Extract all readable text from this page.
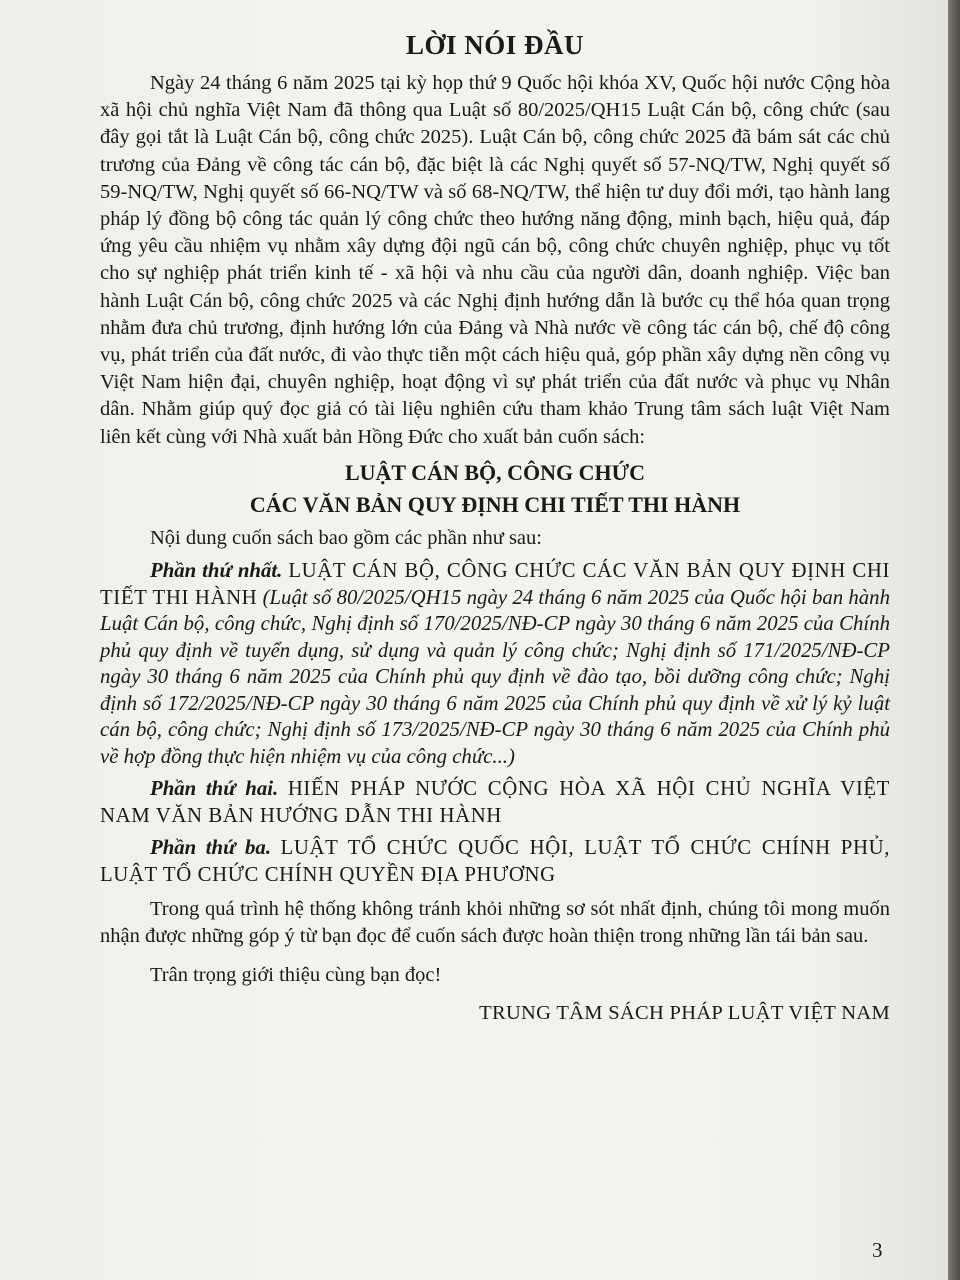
LỜI NÓI ĐẦU

Ngày 24 tháng 6 năm 2025 tại kỳ họp thứ 9 Quốc hội khóa XV, Quốc hội nước Cộng hòa xã hội chủ nghĩa Việt Nam đã thông qua Luật số 80/2025/QH15 Luật Cán bộ, công chức (sau đây gọi tắt là Luật Cán bộ, công chức 2025). Luật Cán bộ, công chức 2025 đã bám sát các chủ trương của Đảng về công tác cán bộ, đặc biệt là các Nghị quyết số 57-NQ/TW, Nghị quyết số 59-NQ/TW, Nghị quyết số 66-NQ/TW và số 68-NQ/TW, thể hiện tư duy đổi mới, tạo hành lang pháp lý đồng bộ công tác quản lý công chức theo hướng năng động, minh bạch, hiệu quả, đáp ứng yêu cầu nhiệm vụ nhằm xây dựng đội ngũ cán bộ, công chức chuyên nghiệp, phục vụ tốt cho sự nghiệp phát triển kinh tế - xã hội và nhu cầu của người dân, doanh nghiệp. Việc ban hành Luật Cán bộ, công chức 2025 và các Nghị định hướng dẫn là bước cụ thể hóa quan trọng nhằm đưa chủ trương, định hướng lớn của Đảng và Nhà nước về công tác cán bộ, chế độ công vụ, phát triển của đất nước, đi vào thực tiễn một cách hiệu quả, góp phần xây dựng nền công vụ Việt Nam hiện đại, chuyên nghiệp, hoạt động vì sự phát triển của đất nước và phục vụ Nhân dân. Nhằm giúp quý đọc giả có tài liệu nghiên cứu tham khảo Trung tâm sách luật Việt Nam liên kết cùng với Nhà xuất bản Hồng Đức cho xuất bản cuốn sách:

LUẬT CÁN BỘ, CÔNG CHỨC
CÁC VĂN BẢN QUY ĐỊNH CHI TIẾT THI HÀNH

Nội dung cuốn sách bao gồm các phần như sau:

Phần thứ nhất. LUẬT CÁN BỘ, CÔNG CHỨC CÁC VĂN BẢN QUY ĐỊNH CHI TIẾT THI HÀNH (Luật số 80/2025/QH15 ngày 24 tháng 6 năm 2025 của Quốc hội ban hành Luật Cán bộ, công chức, Nghị định số 170/2025/NĐ-CP ngày 30 tháng 6 năm 2025 của Chính phủ quy định về tuyển dụng, sử dụng và quản lý công chức; Nghị định số 171/2025/NĐ-CP ngày 30 tháng 6 năm 2025 của Chính phủ quy định về đào tạo, bồi dưỡng công chức; Nghị định số 172/2025/NĐ-CP ngày 30 tháng 6 năm 2025 của Chính phủ quy định về xử lý kỷ luật cán bộ, công chức; Nghị định số 173/2025/NĐ-CP ngày 30 tháng 6 năm 2025 của Chính phủ về hợp đồng thực hiện nhiệm vụ của công chức...)

Phần thứ hai. HIẾN PHÁP NƯỚC CỘNG HÒA XÃ HỘI CHỦ NGHĨA VIỆT NAM VĂN BẢN HƯỚNG DẪN THI HÀNH

Phần thứ ba. LUẬT TỔ CHỨC QUỐC HỘI, LUẬT TỔ CHỨC CHÍNH PHỦ, LUẬT TỔ CHỨC CHÍNH QUYỀN ĐỊA PHƯƠNG

Trong quá trình hệ thống không tránh khỏi những sơ sót nhất định, chúng tôi mong muốn nhận được những góp ý từ bạn đọc để cuốn sách được hoàn thiện trong những lần tái bản sau.

Trân trọng giới thiệu cùng bạn đọc!

TRUNG TÂM SÁCH PHÁP LUẬT VIỆT NAM

3
